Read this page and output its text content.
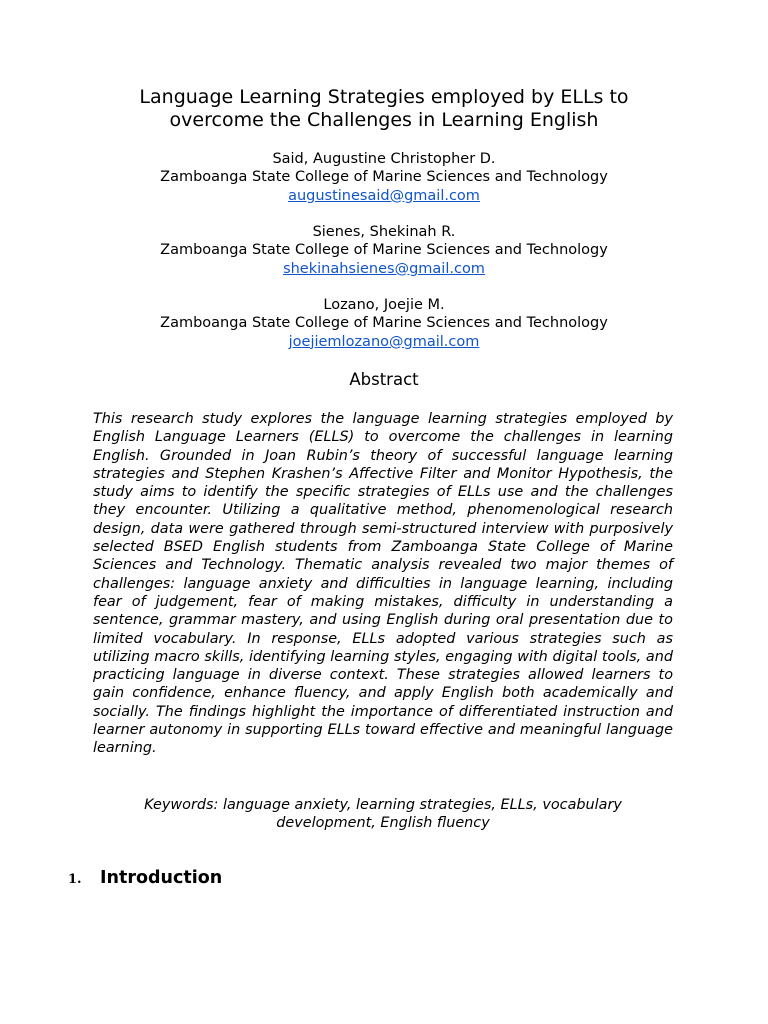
Language Learning Strategies employed by ELLs to
overcome the Challenges in Learning English
Said, Augustine Christopher D.
Zamboanga State College of Marine Sciences and Technology
augustinesaid@gmail.com
Sienes, Shekinah R.
Zamboanga State College of Marine Sciences and Technology
shekinahsienes@gmail.com
Lozano, Joejie M.
Zamboanga State College of Marine Sciences and Technology
joejiemlozano@gmail.com
Abstract

This research study explores the language learning strategies employed by English Language Learners (ELLS) to overcome the challenges in learning English. Grounded in Joan Rubin’s theory of successful language learning strategies and Stephen Krashen’s Affective Filter and Monitor Hypothesis, the study aims to identify the specific strategies of ELLs use and the challenges they encounter. Utilizing a qualitative method, phenomenological research design, data were gathered through semi-structured interview with purposively selected BSED English students from Zamboanga State College of Marine Sciences and Technology. Thematic analysis revealed two major themes of challenges: language anxiety and difficulties in language learning, including fear of judgement, fear of making mistakes, difficulty in understanding a sentence, grammar mastery, and using English during oral presentation due to limited vocabulary. In response, ELLs adopted various strategies such as utilizing macro skills, identifying learning styles, engaging with digital tools, and practicing language in diverse context. These strategies allowed learners to gain confidence, enhance fluency, and apply English both academically and socially. The findings highlight the importance of differentiated instruction and learner autonomy in supporting ELLs toward effective and meaningful language learning.

Keywords: language anxiety, learning strategies, ELLs, vocabulary development, English fluency

1.	Introduction
